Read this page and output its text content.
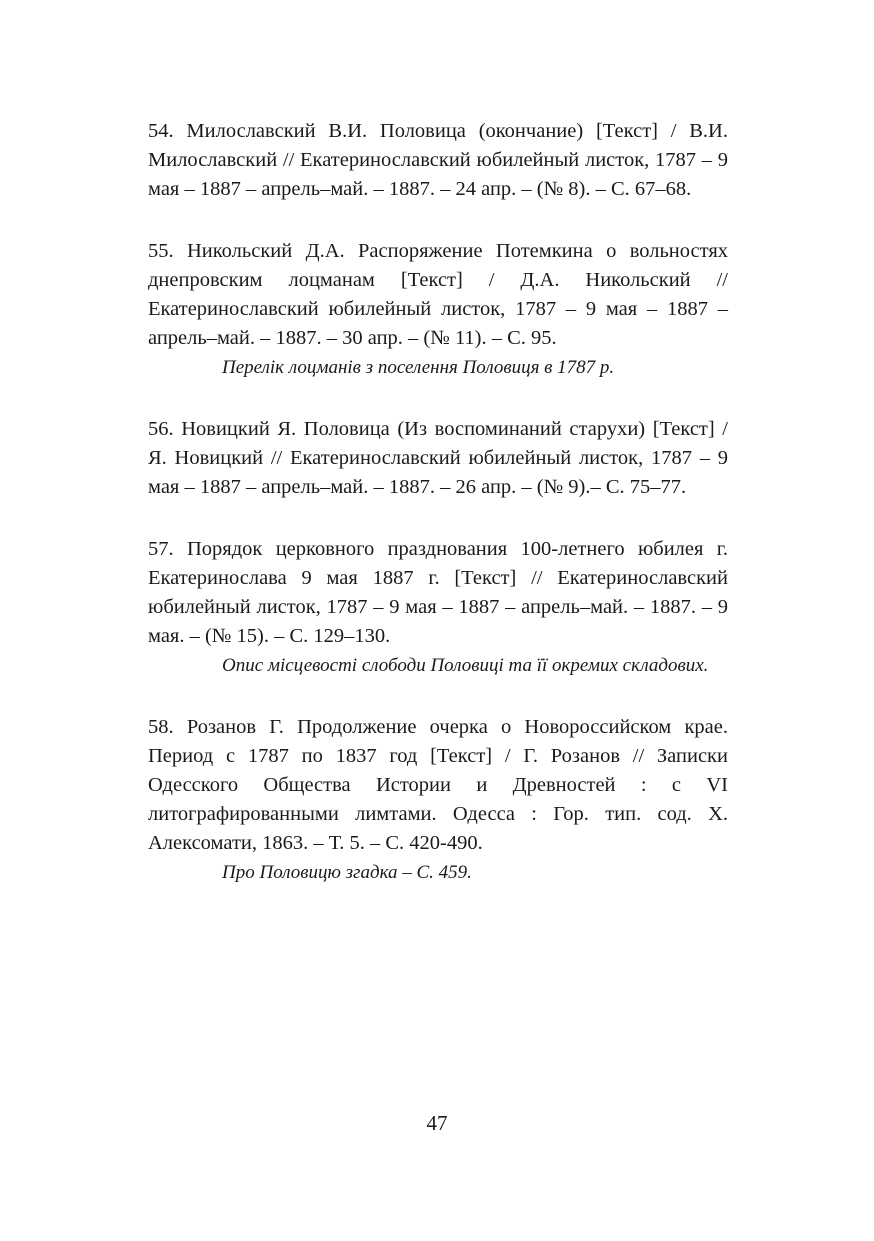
54. Милославский В.И. Половица (окончание) [Текст] / В.И. Милославский // Екатеринославский юбилейный листок, 1787 – 9 мая – 1887 – апрель–май. – 1887. – 24 апр. – (№ 8). – С. 67–68.

55. Никольский Д.А. Распоряжение Потемкина о вольностях днепровским лоцманам [Текст] / Д.А. Никольский // Екатеринославский юбилейный листок, 1787 – 9 мая – 1887 – апрель–май. – 1887. – 30 апр. – (№ 11). – С. 95.

Перелік лоцманів з поселення Половиця в 1787 р.

56. Новицкий Я. Половица (Из воспоминаний старухи) [Текст] / Я. Новицкий // Екатеринославский юбилейный листок, 1787 – 9 мая – 1887 – апрель–май. – 1887. – 26 апр. – (№ 9).– С. 75–77.

57. Порядок церковного празднования 100-летнего юбилея г. Екатеринослава 9 мая 1887 г. [Текст] // Екатеринославский юбилейный листок, 1787 – 9 мая – 1887 – апрель–май. – 1887. – 9 мая. – (№ 15). – С. 129–130.

Опис місцевості слободи Половиці та її окремих складових.

58. Розанов Г. Продолжение очерка о Новороссийском крае. Период с 1787 по 1837 год [Текст] / Г. Розанов // Записки Одесского Общества Истории и Древностей : с VI литографированными лимтами. Одесса : Гор. тип. сод. Х. Алексомати, 1863. – Т. 5. – С. 420-490.

Про Половицю згадка – С. 459.

47
